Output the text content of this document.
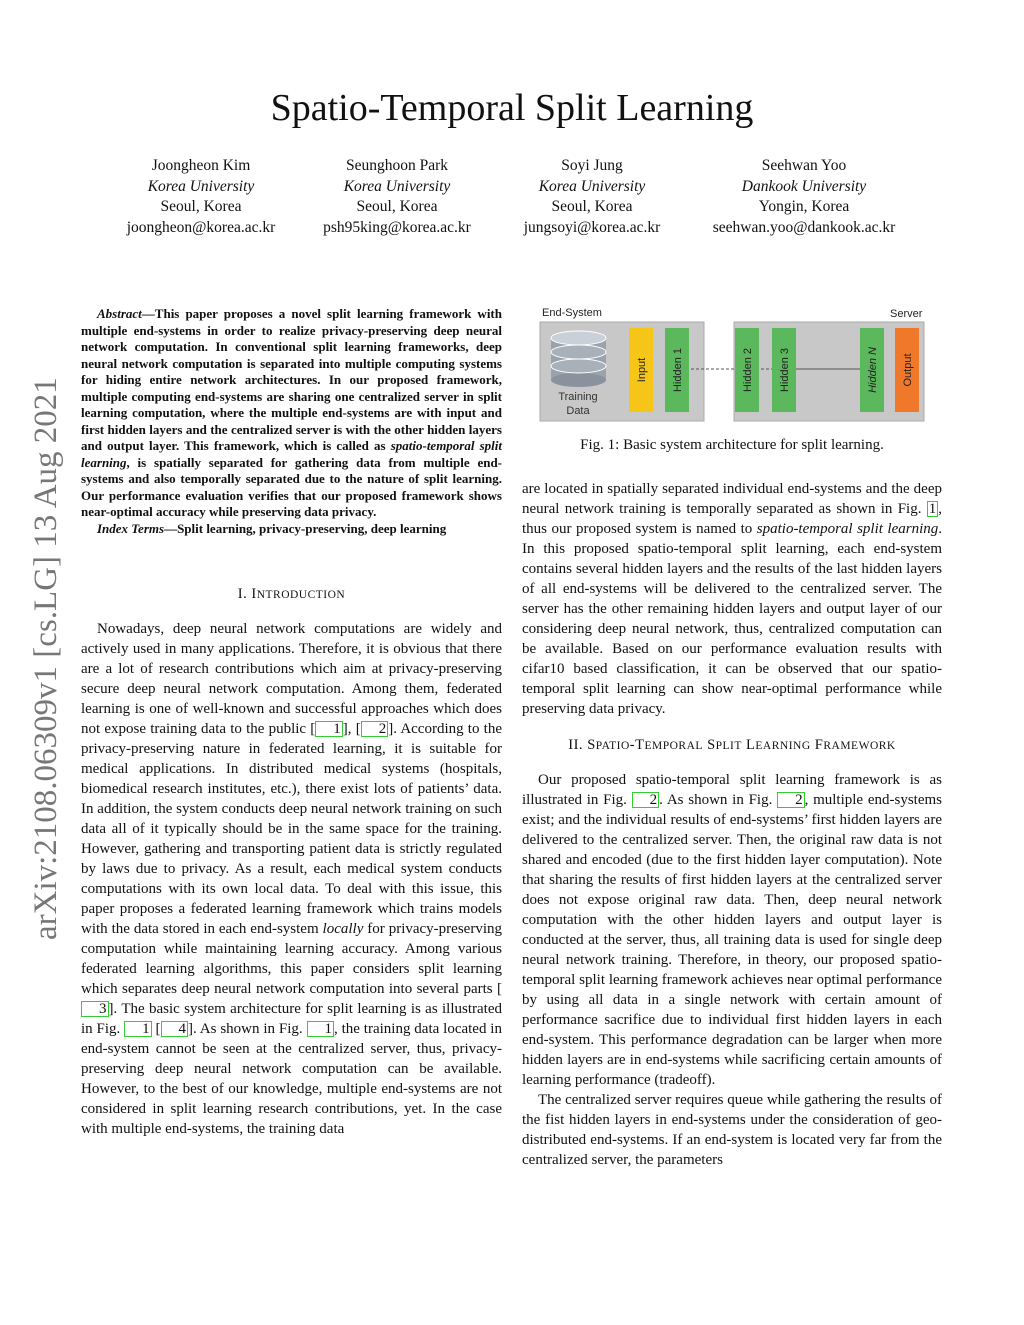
Spatio-Temporal Split Learning
Joongheon Kim
Korea University
Seoul, Korea
joongheon@korea.ac.kr
Seunghoon Park
Korea University
Seoul, Korea
psh95king@korea.ac.kr
Soyi Jung
Korea University
Seoul, Korea
jungsoyi@korea.ac.kr
Seehwan Yoo
Dankook University
Yongin, Korea
seehwan.yoo@dankook.ac.kr
arXiv:2108.06309v1 [cs.LG] 13 Aug 2021

Abstract—This paper proposes a novel split learning framework with multiple end-systems in order to realize privacy-preserving deep neural network computation. In conventional split learning frameworks, deep neural network computation is separated into multiple computing systems for hiding entire network architectures. In our proposed framework, multiple computing end-systems are sharing one centralized server in split learning computation, where the multiple end-systems are with input and first hidden layers and the centralized server is with the other hidden layers and output layer. This framework, which is called as spatio-temporal split learning, is spatially separated for gathering data from multiple end-systems and also temporally separated due to the nature of split learning. Our performance evaluation verifies that our proposed framework shows near-optimal accuracy while preserving data privacy.

Index Terms—Split learning, privacy-preserving, deep learning

I. INTRODUCTION

Nowadays, deep neural network computations are widely and actively used in many applications. Therefore, it is obvious that there are a lot of research contributions which aim at privacy-preserving secure deep neural network computation. Among them, federated learning is one of well-known and successful approaches which does not expose training data to the public [ 1 ], [ 2 ]. According to the privacy-preserving nature in federated learning, it is suitable for medical applications. In distributed medical systems (hospitals, biomedical research institutes, etc.), there exist lots of patients’ data. In addition, the system conducts deep neural network training on such data all of it typically should be in the same space for the training. However, gathering and transporting patient data is strictly regulated by laws due to privacy. As a result, each medical system conducts computations with its own local data. To deal with this issue, this paper proposes a federated learning framework which trains models with the data stored in each end-system locally for privacy-preserving computation while maintaining learning accuracy. Among various federated learning algorithms, this paper considers split learning which separates deep neural network computation into several parts [3 ]. The basic system architecture for split learning is as illustrated in Fig. 1 [ 4 ]. As shown in Fig. 1 , the training data located in end-system cannot be seen at the centralized server, thus, privacy-preserving deep neural network computation can be available. However, to the best of our knowledge, multiple end-systems are not considered in split learning research contributions, yet. In the case with multiple end-systems, the training data

End-System	Server
Training
Data
Input Hidden 1	Hidden 2 Hidden 3	Hidden N Output
Fig. 1: Basic system architecture for split learning.

are located in spatially separated individual end-systems and the deep neural network training is temporally separated as shown in Fig. 1 , thus our proposed system is named to spatio-temporal split learning. In this proposed spatio-temporal split learning, each end-system contains several hidden layers and the results of the last hidden layers of all end-systems will be delivered to the centralized server. The server has the other remaining hidden layers and output layer of our considering deep neural network, thus, centralized computation can be available. Based on our performance evaluation results with cifar10 based classification, it can be observed that our spatio-temporal split learning can show near-optimal performance while preserving data privacy.

II. SPATIO-TEMPORAL SPLIT LEARNING FRAMEWORK

Our proposed spatio-temporal split learning framework is as illustrated in Fig. 2 . As shown in Fig. 2 , multiple end-systems exist; and the individual results of end-systems’ first hidden layers are delivered to the centralized server. Then, the original raw data is not shared and encoded (due to the first hidden layer computation). Note that sharing the results of first hidden layers at the centralized server does not expose original raw data. Then, deep neural network computation with the other hidden layers and output layer is conducted at the server, thus, all training data is used for single deep neural network training. Therefore, in theory, our proposed spatio-temporal split learning framework achieves near optimal performance by using all data in a single network with certain amount of performance sacrifice due to individual first hidden layers in each end-system. This performance degradation can be larger when more hidden layers are in end-systems while sacrificing certain amounts of learning performance (tradeoff).

The centralized server requires queue while gathering the results of the fist hidden layers in end-systems under the consideration of geo-distributed end-systems. If an end-system is located very far from the centralized server, the parameters
